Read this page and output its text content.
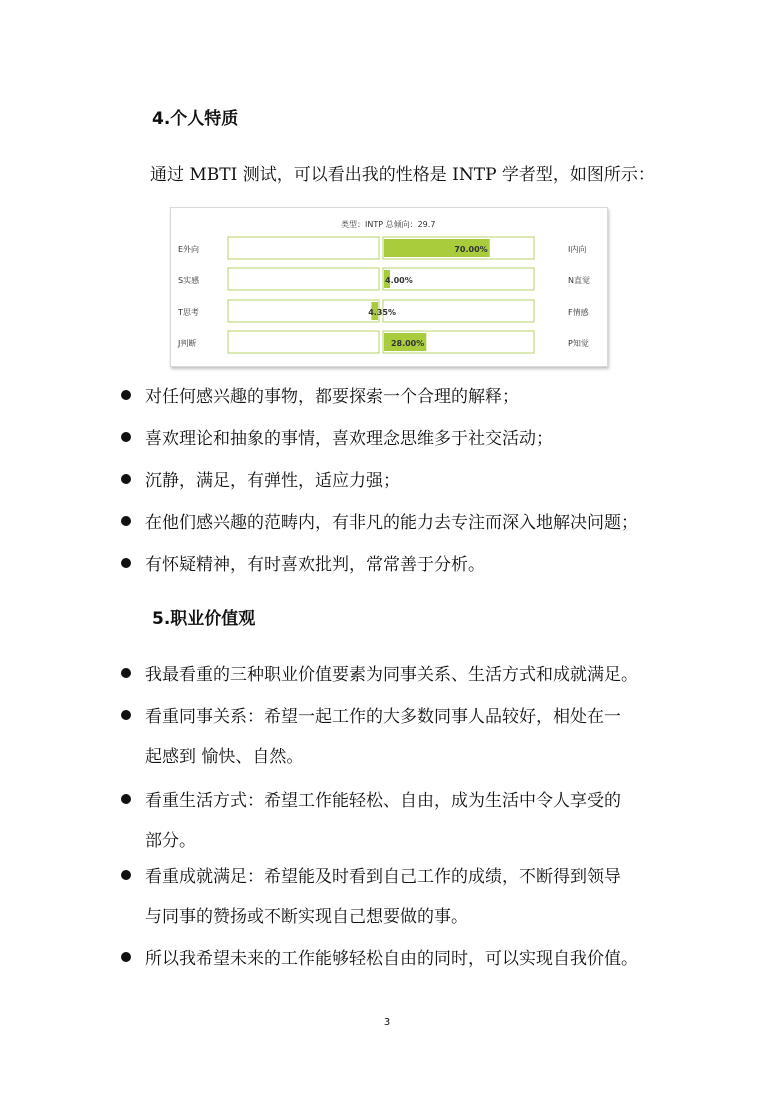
4.个人特质
通过 MBTI 测试，可以看出我的性格是 INTP 学者型，如图所示：
类型：INTP 总倾向：29.7
70.00%
E外向	I内向
4.00%
S实感	N直觉
4.35%
T思考	F情感
28.00%
J判断	P知觉
对任何感兴趣的事物，都要探索一个合理的解释；
喜欢理论和抽象的事情，喜欢理念思维多于社交活动；
沉静，满足，有弹性，适应力强；
在他们感兴趣的范畴内，有非凡的能力去专注而深入地解决问题；
有怀疑精神，有时喜欢批判，常常善于分析。
5.职业价值观
我最看重的三种职业价值要素为同事关系、生活方式和成就满足。
看重同事关系：希望一起工作的大多数同事人品较好，相处在一
起感到 愉快、自然。
看重生活方式：希望工作能轻松、自由，成为生活中令人享受的
部分。
看重成就满足：希望能及时看到自己工作的成绩，不断得到领导
与同事的赞扬或不断实现自己想要做的事。
所以我希望未来的工作能够轻松自由的同时，可以实现自我价值。
3
